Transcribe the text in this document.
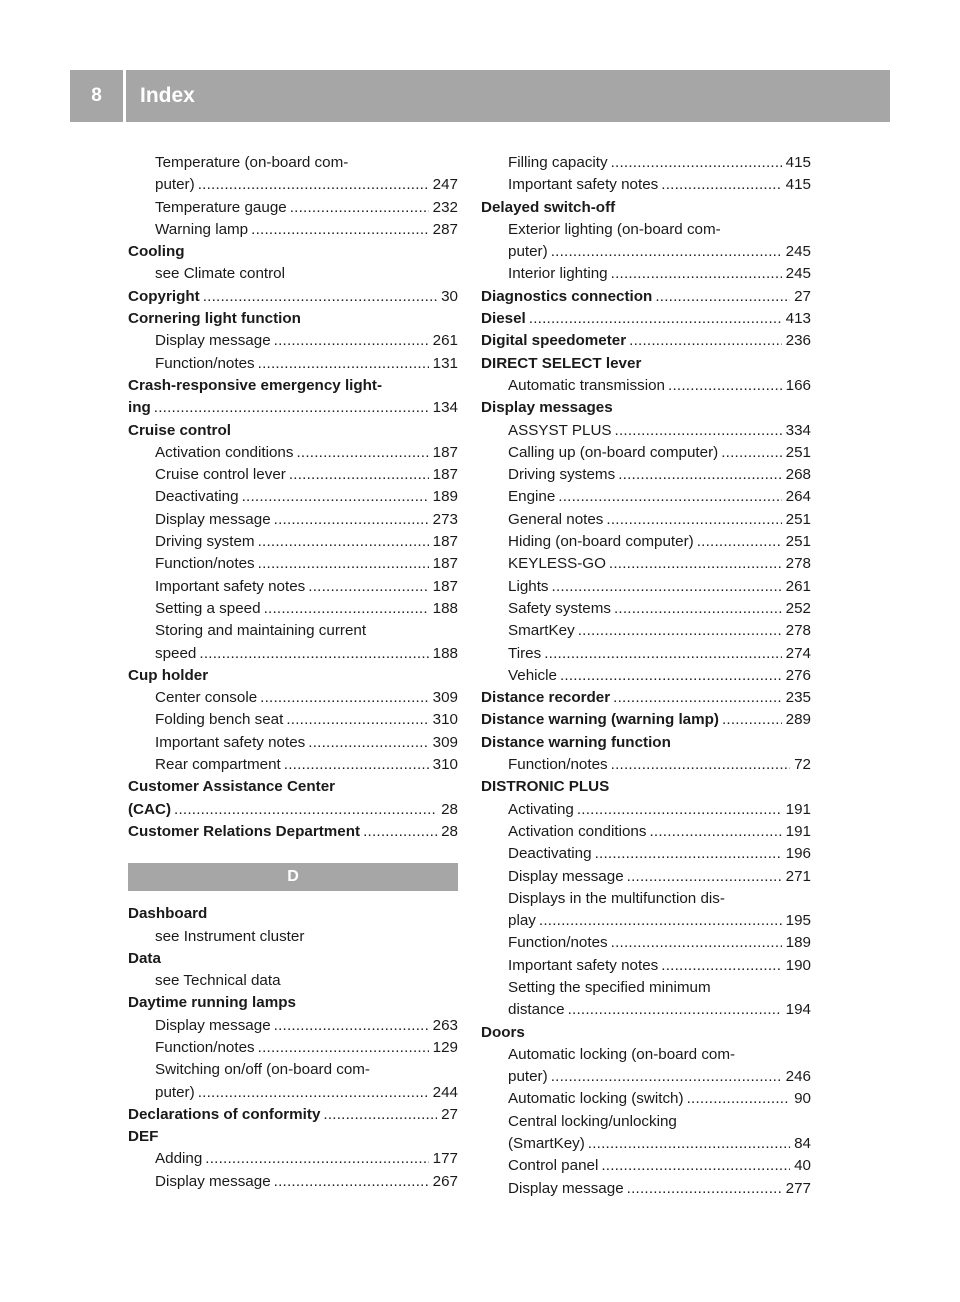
8	Index
Temperature (on-board com-
puter) . . .	247
Temperature gauge . . .	232
Warning lamp . . .	287
Cooling
see Climate control
Copyright . . .	30
Cornering light function
Display message . . .	261
Function/notes . . .	131
Crash-responsive emergency light-
ing . . .	134
Cruise control
Activation conditions . . .	187
Cruise control lever . . .	187
Deactivating . . .	189
Display message . . .	273
Driving system . . .	187
Function/notes . . .	187
Important safety notes . . .	187
Setting a speed . . .	188
Storing and maintaining current
speed . . .	188
Cup holder
Center console . . .	309
Folding bench seat . . .	310
Important safety notes . . .	309
Rear compartment . . .	310
Customer Assistance Center
(CAC) . . .	28
Customer Relations Department . . .	28
D
Dashboard
see Instrument cluster
Data
see Technical data
Daytime running lamps
Display message . . .	263
Function/notes . . .	129
Switching on/off (on-board com-
puter) . . .	244
Declarations of conformity . . .	27
DEF
Adding . . .	177
Display message . . .	267
Filling capacity . . .	415
Important safety notes . . .	415
Delayed switch-off
Exterior lighting (on-board com-
puter) . . .	245
Interior lighting . . .	245
Diagnostics connection . . .	27
Diesel . . .	413
Digital speedometer . . .	236
DIRECT SELECT lever
Automatic transmission . . .	166
Display messages
ASSYST PLUS . . .	334
Calling up (on-board computer) . . .	251
Driving systems . . .	268
Engine . . .	264
General notes . . .	251
Hiding (on-board computer) . . .	251
KEYLESS-GO . . .	278
Lights . . .	261
Safety systems . . .	252
SmartKey . . .	278
Tires . . .	274
Vehicle . . .	276
Distance recorder . . .	235
Distance warning (warning lamp) . . .	289
Distance warning function
Function/notes . . .	72
DISTRONIC PLUS
Activating . . .	191
Activation conditions . . .	191
Deactivating . . .	196
Display message . . .	271
Displays in the multifunction dis-
play . . .	195
Function/notes . . .	189
Important safety notes . . .	190
Setting the specified minimum
distance . . .	194
Doors
Automatic locking (on-board com-
puter) . . .	246
Automatic locking (switch) . . .	90
Central locking/unlocking
(SmartKey) . . .	84
Control panel . . .	40
Display message . . .	277
